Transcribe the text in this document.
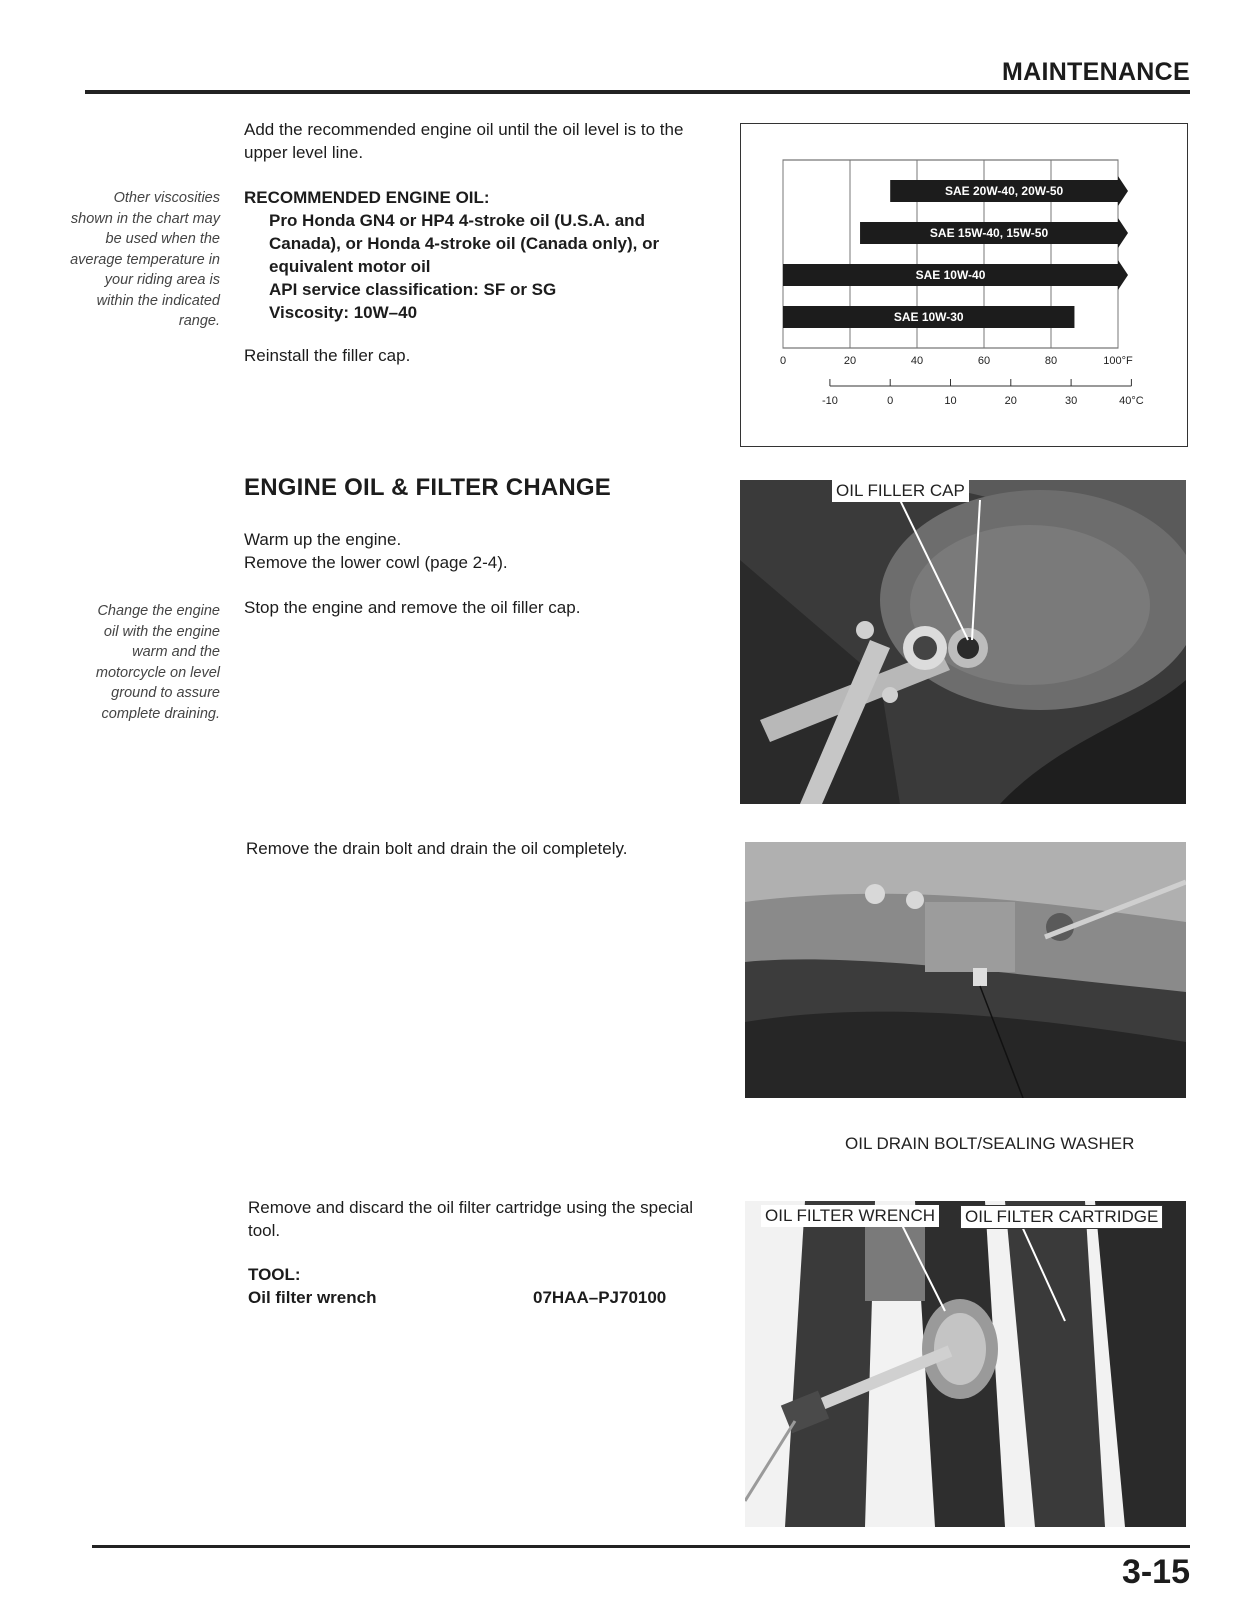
MAINTENANCE
Other viscosities shown in the chart may be used when the average temperature in your riding area is within the indicated range.
Add the recommended engine oil until the oil level is to the upper level line.
RECOMMENDED ENGINE OIL:
Pro Honda GN4 or HP4 4-stroke oil (U.S.A. and
Canada), or Honda 4-stroke oil (Canada only), or
equivalent motor oil
API service classification: SF or SG
Viscosity: 10W–40
Reinstall the filler cap.	0	20	40	60	80	100°F
-10	0	10	20	30	40°C
SAE 20W-40, 20W-50
SAE 15W-40, 15W-50
SAE 10W-40
SAE 10W-30
ENGINE OIL & FILTER CHANGE
Warm up the engine.
Remove the lower cowl (page 2-4).
Change the engine oil with the engine warm and the motorcycle on level ground to assure complete draining.
Stop the engine and remove the oil filler cap.
Remove the drain bolt and drain the oil completely.
Remove and discard the oil filter cartridge using the special tool.
TOOL:
Oil filter wrench	07HAA–PJ70100
OIL FILLER CAP
OIL DRAIN BOLT/SEALING WASHER
OIL FILTER WRENCH OIL FILTER CARTRIDGE
3-15
